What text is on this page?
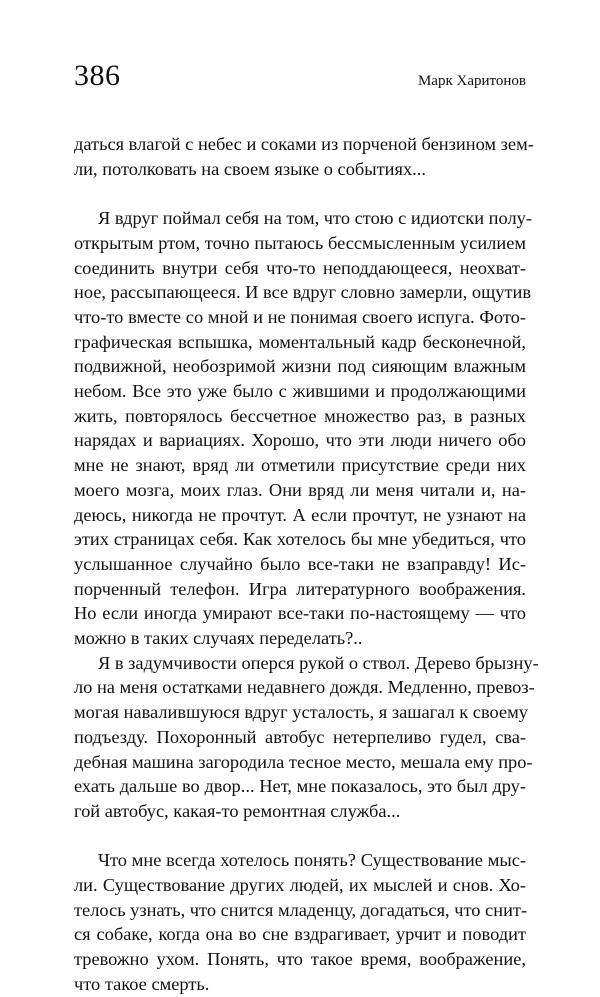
386	Марк Харитонов
даться влагой с небес и соками из порченой бензином зем-
ли, потолковать на своем языке о событиях...
Я вдруг поймал себя на том, что стою с идиотски полу-
открытым ртом, точно пытаюсь бессмысленным усилием
соединить внутри себя что-то неподдающееся, неохват-
ное, рассыпающееся. И все вдруг словно замерли, ощутив
что-то вместе со мной и не понимая своего испуга. Фото-
графическая вспышка, моментальный кадр бесконечной,
подвижной, необозримой жизни под сияющим влажным
небом. Все это уже было с жившими и продолжающими
жить, повторялось бессчетное множество раз, в разных
нарядах и вариациях. Хорошо, что эти люди ничего обо
мне не знают, вряд ли отметили присутствие среди них
моего мозга, моих глаз. Они вряд ли меня читали и, на-
деюсь, никогда не прочтут. А если прочтут, не узнают на
этих страницах себя. Как хотелось бы мне убедиться, что
услышанное случайно было все-таки не взаправду! Ис-
порченный телефон. Игра литературного воображения.
Но если иногда умирают все-таки по-настоящему — что
можно в таких случаях переделать?..
Я в задумчивости оперся рукой о ствол. Дерево брызну-
ло на меня остатками недавнего дождя. Медленно, превоз-
могая навалившуюся вдруг усталость, я зашагал к своему
подъезду. Похоронный автобус нетерпеливо гудел, сва-
дебная машина загородила тесное место, мешала ему про-
ехать дальше во двор... Нет, мне показалось, это был дру-
гой автобус, какая-то ремонтная служба...
Что мне всегда хотелось понять? Существование мыс-
ли. Существование других людей, их мыслей и снов. Хо-
телось узнать, что снится младенцу, догадаться, что снит-
ся собаке, когда она во сне вздрагивает, урчит и поводит
тревожно ухом. Понять, что такое время, воображение,
что такое смерть.
